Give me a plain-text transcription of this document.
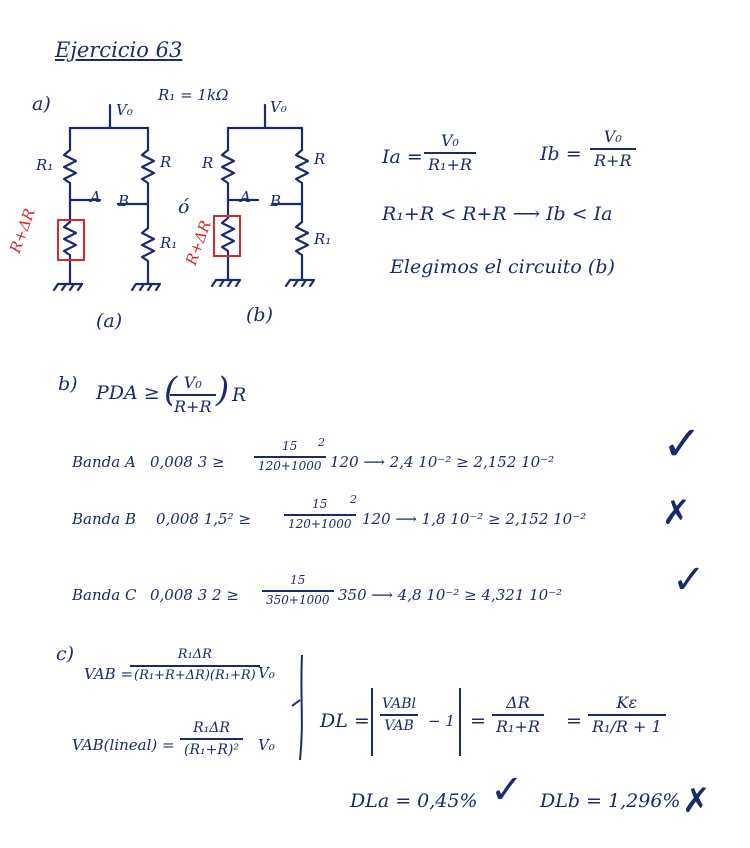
Ejercicio 63
a)	R₁ = 1kΩ
V₀
R₁	R
A B
R₁
R+ΔR
(a)
ó
V₀
R	R
A B
R₁
R+ΔR
(b)
$Ia = \frac{\text{V₀}}{\text{R₁+R}}$	$Ib = \frac{\text{V₀}}{R+R}$
R₁+R < R+R ⟶ Ib < Ia
Elegimos el circuito (b)
b) PDA ≥ (
$\frac{\text{V₀}}{R+R}$ ) R
Banda A 0,008 $3 \ge \frac{15}{120+1000}$
2
120 ⟶ 2,4 10⁻² ≥ 2,152 10⁻² ✓
Banda B 0,008 1,5² ≥	$\frac{15}{120+1000}$
2
120 ⟶ 1,8 10⁻² ≥ 2,152 10⁻² ✗
Banda C 0,008 3 $2 \ge \frac{15}{350+1000} 350$ ⟶ 4,8 10⁻² ≥ 4,321 10⁻²	✓
c)
VAB =
$\frac{\text{R₁ΔR}}{\text{(R₁+R+ΔR)(R₁+R)}}$
V₀
VAB(lineal) = $\frac{\text{R₁ΔR}}{\text{(R₁+R)²}} V_0$
DL =
VABl
VAB − $1 = \frac{\Delta R}{\text{R₁+R}} = \frac{K\varepsilon}{\text{R₁/R + 1}}$
DLa = 0,45% ✓ DLb = 1,296% ✗
